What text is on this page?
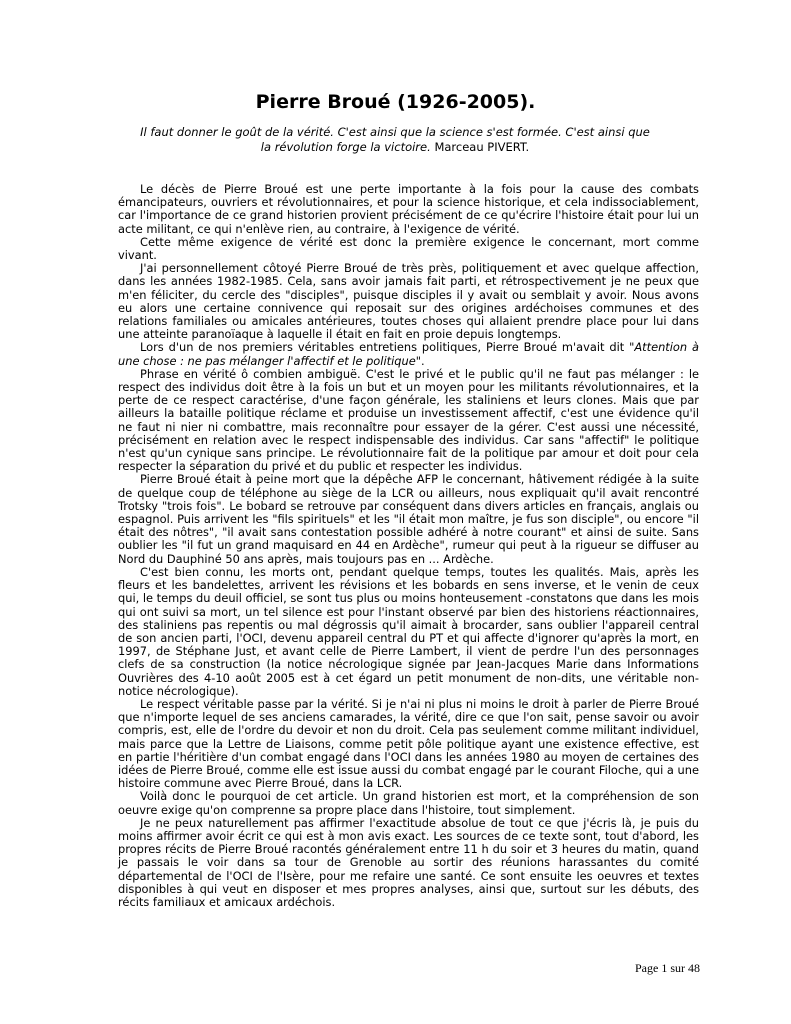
Pierre Broué (1926-2005).
Il faut donner le goût de la vérité. C'est ainsi que la science s'est formée. C'est ainsi que la révolution forge la victoire. Marceau PIVERT.

Le décès de Pierre Broué est une perte importante à la fois pour la cause des combats émancipateurs, ouvriers et révolutionnaires, et pour la science historique, et cela indissociablement, car l'importance de ce grand historien provient précisément de ce qu'écrire l'histoire était pour lui un acte militant, ce qui n'enlève rien, au contraire, à l'exigence de vérité.

Cette même exigence de vérité est donc la première exigence le concernant, mort comme vivant.

J'ai personnellement côtoyé Pierre Broué de très près, politiquement et avec quelque affection, dans les années 1982-1985. Cela, sans avoir jamais fait parti, et rétrospectivement je ne peux que m'en féliciter, du cercle des "disciples", puisque disciples il y avait ou semblait y avoir. Nous avons eu alors une certaine connivence qui reposait sur des origines ardéchoises communes et des relations familiales ou amicales antérieures, toutes choses qui allaient prendre place pour lui dans une atteinte paranoïaque à laquelle il était en fait en proie depuis longtemps.

Lors d'un de nos premiers véritables entretiens politiques, Pierre Broué m'avait dit "Attention à une chose : ne pas mélanger l'affectif et le politique".

Phrase en vérité ô combien ambiguë. C'est le privé et le public qu'il ne faut pas mélanger : le respect des individus doit être à la fois un but et un moyen pour les militants révolutionnaires, et la perte de ce respect caractérise, d'une façon générale, les staliniens et leurs clones. Mais que par ailleurs la bataille politique réclame et produise un investissement affectif, c'est une évidence qu'il ne faut ni nier ni combattre, mais reconnaître pour essayer de la gérer. C'est aussi une nécessité, précisément en relation avec le respect indispensable des individus. Car sans "affectif" le politique n'est qu'un cynique sans principe. Le révolutionnaire fait de la politique par amour et doit pour cela respecter la séparation du privé et du public et respecter les individus.

Pierre Broué était à peine mort que la dépêche AFP le concernant, hâtivement rédigée à la suite de quelque coup de téléphone au siège de la LCR ou ailleurs, nous expliquait qu'il avait rencontré Trotsky "trois fois". Le bobard se retrouve par conséquent dans divers articles en français, anglais ou espagnol. Puis arrivent les "fils spirituels" et les "il était mon maître, je fus son disciple", ou encore "il était des nôtres", "il avait sans contestation possible adhéré à notre courant" et ainsi de suite. Sans oublier les "il fut un grand maquisard en 44 en Ardèche", rumeur qui peut à la rigueur se diffuser au Nord du Dauphiné 50 ans après, mais toujours pas en ... Ardèche.

C'est bien connu, les morts ont, pendant quelque temps, toutes les qualités. Mais, après les fleurs et les bandelettes, arrivent les révisions et les bobards en sens inverse, et le venin de ceux qui, le temps du deuil officiel, se sont tus plus ou moins honteusement -constatons que dans les mois qui ont suivi sa mort, un tel silence est pour l'instant observé par bien des historiens réactionnaires, des staliniens pas repentis ou mal dégrossis qu'il aimait à brocarder, sans oublier l'appareil central de son ancien parti, l'OCI, devenu appareil central du PT et qui affecte d'ignorer qu'après la mort, en 1997, de Stéphane Just, et avant celle de Pierre Lambert, il vient de perdre l'un des personnages clefs de sa construction (la notice nécrologique signée par Jean-Jacques Marie dans Informations Ouvrières des 4-10 août 2005 est à cet égard un petit monument de non-dits, une véritable non-notice nécrologique).

Le respect véritable passe par la vérité. Si je n'ai ni plus ni moins le droit à parler de Pierre Broué que n'importe lequel de ses anciens camarades, la vérité, dire ce que l'on sait, pense savoir ou avoir compris, est, elle de l'ordre du devoir et non du droit. Cela pas seulement comme militant individuel, mais parce que la Lettre de Liaisons, comme petit pôle politique ayant une existence effective, est en partie l'héritière d'un combat engagé dans l'OCI dans les années 1980 au moyen de certaines des idées de Pierre Broué, comme elle est issue aussi du combat engagé par le courant Filoche, qui a une histoire commune avec Pierre Broué, dans la LCR.

Voilà donc le pourquoi de cet article. Un grand historien est mort, et la compréhension de son oeuvre exige qu'on comprenne sa propre place dans l'histoire, tout simplement.

Je ne peux naturellement pas affirmer l'exactitude absolue de tout ce que j'écris là, je puis du moins affirmer avoir écrit ce qui est à mon avis exact. Les sources de ce texte sont, tout d'abord, les propres récits de Pierre Broué racontés généralement entre 11 h du soir et 3 heures du matin, quand je passais le voir dans sa tour de Grenoble au sortir des réunions harassantes du comité départemental de l'OCI de l'Isère, pour me refaire une santé. Ce sont ensuite les oeuvres et textes disponibles à qui veut en disposer et mes propres analyses, ainsi que, surtout sur les débuts, des récits familiaux et amicaux ardéchois.

Page 1 sur 48
